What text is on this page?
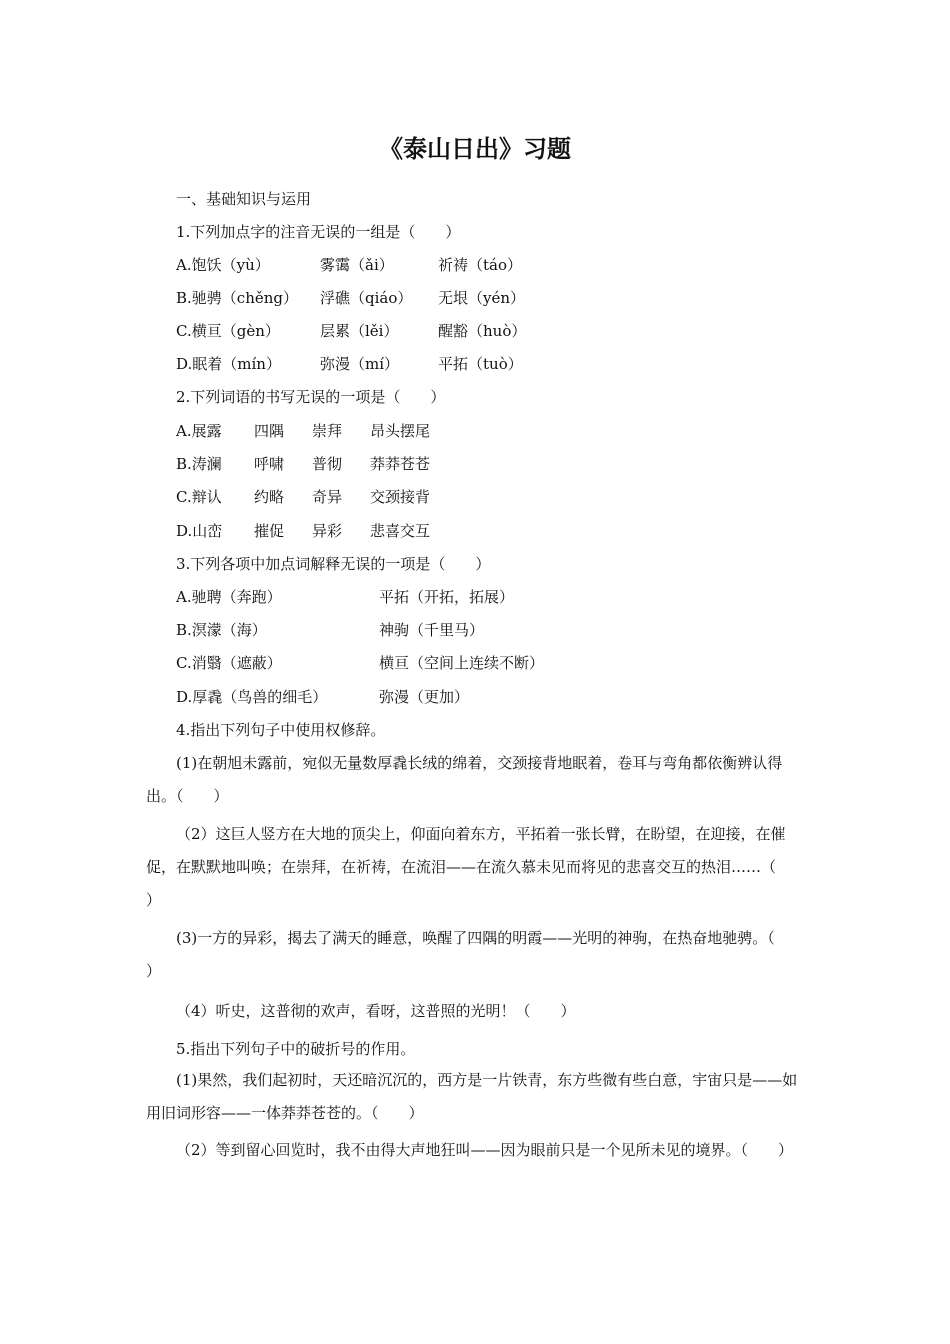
《泰山日出》习题
一、基础知识与运用
1.下列加点字的注音无误的一组是（　　）
A.饱饫（yù）	雾霭（ǎi）	祈祷（táo）
B.驰骋（chěng） 浮礁（qiáo） 无垠（yén）
C.横亘（gèn）	层累（lěi）	醒豁（huò）
D.眠着（mín）	弥漫（mí）	平拓（tuò）
2.下列词语的书写无误的一项是（　　）
A.展露 四隅 崇拜 昂头摆尾
B.涛澜 呼啸 普彻 莽莽苍苍
C.辩认 约略 奇异 交颈接背
D.山峦 摧促 异彩 悲喜交互
3.下列各项中加点词解释无误的一项是（　　）
A.驰聘（奔跑）	平拓（开拓，拓展）
B.溟濛（海）	神驹（千里马）
C.消翳（遮蔽）	横亘（空间上连续不断）
D.厚毳（鸟兽的细毛）	弥漫（更加）
4.指出下列句子中使用权修辞。

(1)在朝旭未露前，宛似无量数厚毳长绒的绵着，交颈接背地眠着，卷耳与弯角都依衡辨认得出。（　　）

（2）这巨人竖方在大地的顶尖上，仰面向着东方，平拓着一张长臂，在盼望，在迎接，在催促，在默默地叫唤；在崇拜，在祈祷，在流泪——在流久慕未见而将见的悲喜交互的热泪……（　　）

(3)一方的异彩，揭去了满天的睡意，唤醒了四隅的明霞——光明的神驹，在热奋地驰骋。（　　）

（4）听史，这普彻的欢声，看呀，这普照的光明！（　　）

5.指出下列句子中的破折号的作用。

(1)果然，我们起初时，天还暗沉沉的，西方是一片铁青，东方些微有些白意，宇宙只是——如用旧词形容——一体莽莽苍苍的。（　　）

（2）等到留心回览时，我不由得大声地狂叫——因为眼前只是一个见所未见的境界。（　　）
